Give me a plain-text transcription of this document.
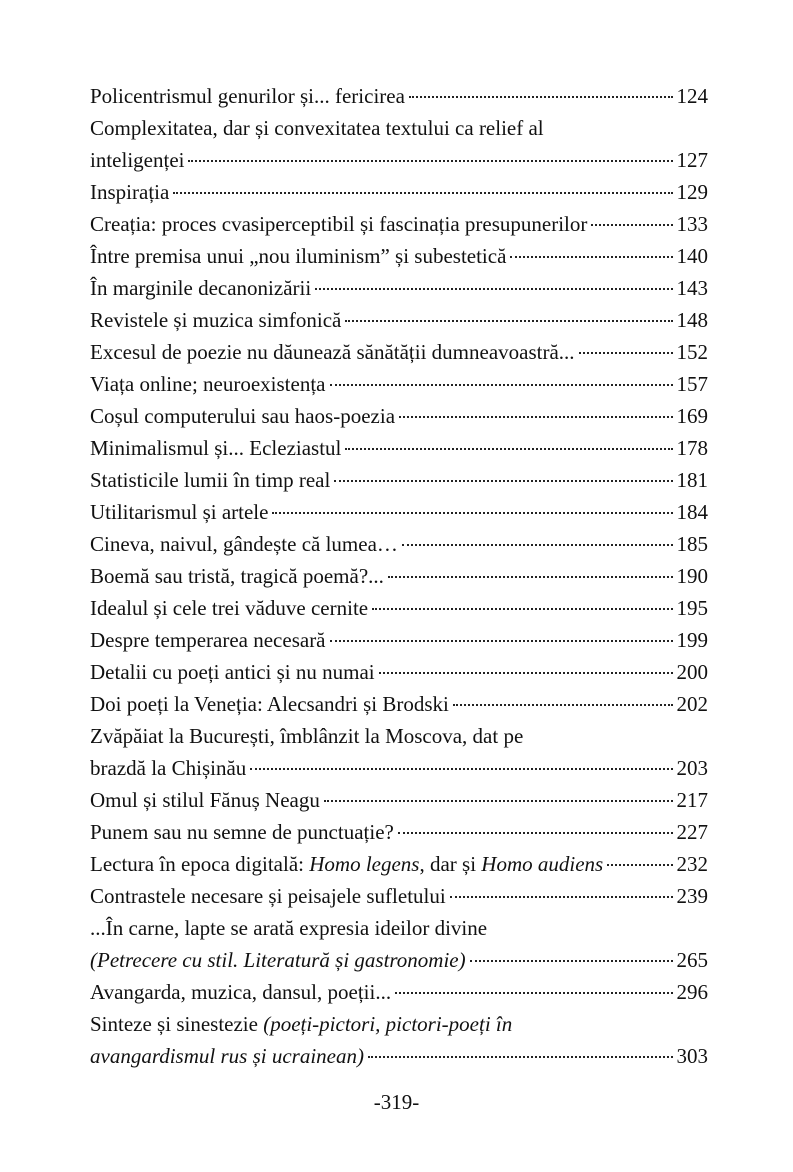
Policentrismul genurilor și... fericirea	124
Complexitatea, dar și convexitatea textului ca relief al
inteligenței	127
Inspirația	129
Creația: proces cvasiperceptibil și fascinația presupunerilor	133
Între premisa unui „nou iluminism” și subestetică	140
În marginile decanonizării	143
Revistele și muzica simfonică	148
Excesul de poezie nu dăunează sănătății dumneavoastră...	152
Viața online; neuroexistența	157
Coșul computerului sau haos-poezia	169
Minimalismul și... Ecleziastul	178
Statisticile lumii în timp real	181
Utilitarismul și artele	184
Cineva, naivul, gândește că lumea…	185
Boemă sau tristă, tragică poemă?...	190
Idealul și cele trei văduve cernite	195
Despre temperarea necesară	199
Detalii cu poeți antici și nu numai	200
Doi poeți la Veneția: Alecsandri și Brodski	202
Zvăpăiat la București, îmblânzit la Moscova, dat pe
brazdă la Chișinău	203
Omul și stilul Fănuș Neagu	217
Punem sau nu semne de punctuație?	227
Lectura în epoca digitală: Homo legens, dar și Homo audiens	232
Contrastele necesare și peisajele sufletului	239
...În carne, lapte se arată expresia ideilor divine
(Petrecere cu stil. Literatură și gastronomie)	265
Avangarda, muzica, dansul, poeții...	296
Sinteze și sinestezie (poeți-pictori, pictori-poeți în
avangardismul rus și ucrainean)	303
-319-
